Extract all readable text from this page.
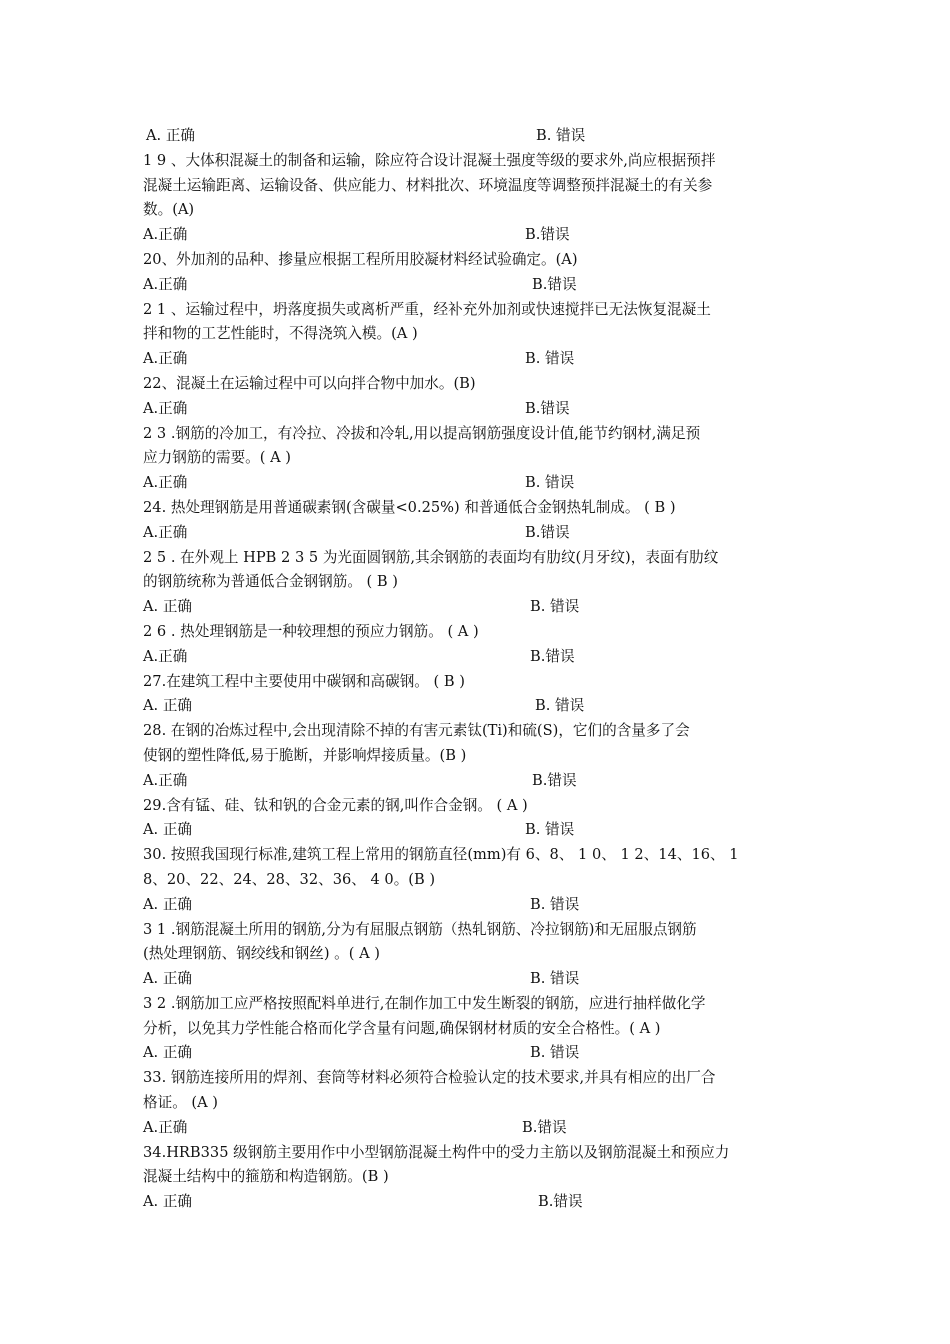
A. 正确	B. 错误
1 9 、大体积混凝土的制备和运输，除应符合设计混凝土强度等级的要求外,尚应根据预拌
混凝土运输距离、运输设备、供应能力、材料批次、环境温度等调整预拌混凝土的有关参
数。(A)
A.正确	B.错误
20、外加剂的品种、掺量应根据工程所用胶凝材料经试验确定。(A)
A.正确	B.错误
2 1 、运输过程中，坍落度损失或离析严重，经补充外加剂或快速搅拌已无法恢复混凝土
拌和物的工艺性能时，不得浇筑入模。(A )
A.正确	B. 错误
22、混凝土在运输过程中可以向拌合物中加水。(B)
A.正确	B.错误
2 3 .钢筋的冷加工，有冷拉、冷拔和冷轧,用以提高钢筋强度设计值,能节约钢材,满足预
应力钢筋的需要。( A )
A.正确	B. 错误
24. 热处理钢筋是用普通碳素钢(含碳量<0.25%) 和普通低合金钢热轧制成。 ( B )
A.正确	B.错误
2 5 . 在外观上 HPB 2 3 5 为光面圆钢筋,其余钢筋的表面均有肋纹(月牙纹)，表面有肋纹
的钢筋统称为普通低合金钢钢筋。 ( B )
A. 正确	B. 错误
2 6 . 热处理钢筋是一种较理想的预应力钢筋。 ( A )
A.正确	B.错误
27.在建筑工程中主要使用中碳钢和高碳钢。 ( B )
A. 正确	B. 错误
28. 在钢的冶炼过程中,会出现清除不掉的有害元素钛(Ti)和硫(S)，它们的含量多了会
使钢的塑性降低,易于脆断，并影响焊接质量。(B )
A.正确	B.错误
29.含有锰、硅、钛和钒的合金元素的钢,叫作合金钢。 ( A )
A. 正确	B. 错误
30. 按照我国现行标准,建筑工程上常用的钢筋直径(mm)有 6、8、 1 0、 1 2、14、16、 1
8、20、22、24、28、32、36、 4 0。(B )
A. 正确	B. 错误
3 1 .钢筋混凝土所用的钢筋,分为有屈服点钢筋（热轧钢筋、冷拉钢筋)和无屈服点钢筋
(热处理钢筋、钢绞线和钢丝) 。( A )
A. 正确	B. 错误
3 2 .钢筋加工应严格按照配料单进行,在制作加工中发生断裂的钢筋，应进行抽样做化学
分析，以免其力学性能合格而化学含量有问题,确保钢材材质的安全合格性。( A )
A. 正确	B. 错误
33. 钢筋连接所用的焊剂、套筒等材料必须符合检验认定的技术要求,并具有相应的出厂合
格证。 (A )
A.正确	B.错误
34.HRB335 级钢筋主要用作中小型钢筋混凝土构件中的受力主筋以及钢筋混凝土和预应力
混凝土结构中的箍筋和构造钢筋。(B )
A. 正确	B.错误
